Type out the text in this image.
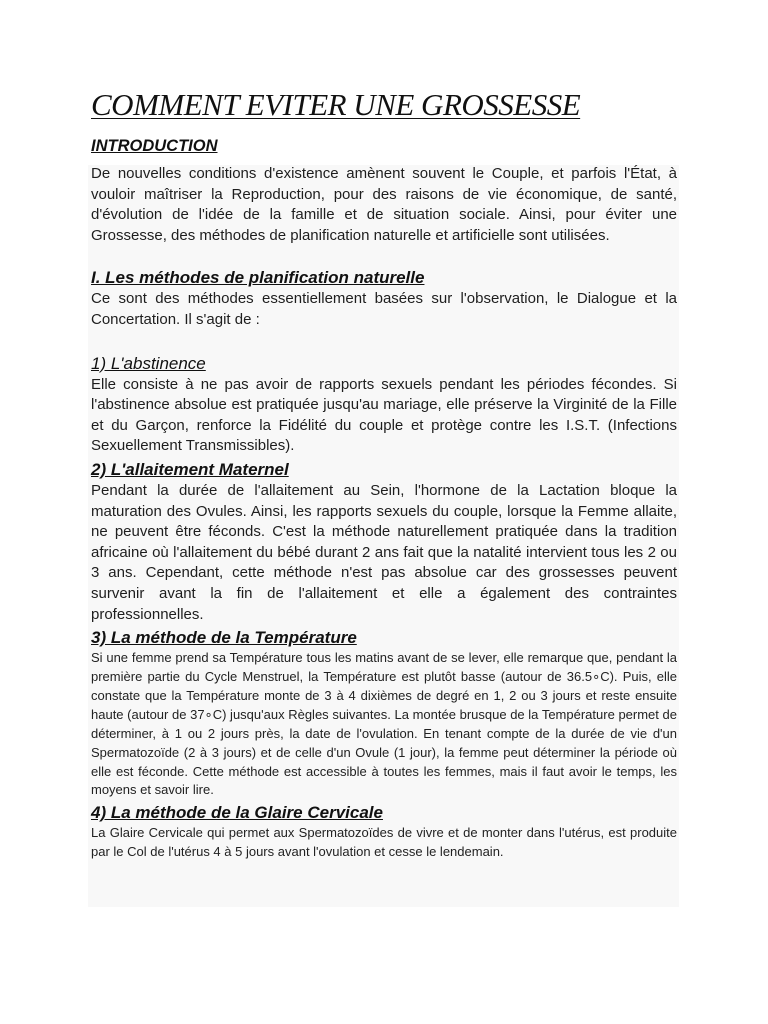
COMMENT EVITER UNE GROSSESSE
INTRODUCTION

De nouvelles conditions d'existence amènent souvent le Couple, et parfois l'État, à vouloir maîtriser la Reproduction, pour des raisons de vie économique, de santé, d'évolution de l'idée de la famille et de situation sociale. Ainsi, pour éviter une Grossesse, des méthodes de planification naturelle et artificielle sont utilisées.

I. Les méthodes de planification naturelle

Ce sont des méthodes essentiellement basées sur l'observation, le Dialogue et la Concertation. Il s'agit de :

1) L'abstinence

Elle consiste à ne pas avoir de rapports sexuels pendant les périodes fécondes. Si l'abstinence absolue est pratiquée jusqu'au mariage, elle préserve la Virginité de la Fille et du Garçon, renforce la Fidélité du couple et protège contre les I.S.T. (Infections Sexuellement Transmissibles).

2) L'allaitement Maternel

Pendant la durée de l'allaitement au Sein, l'hormone de la Lactation bloque la maturation des Ovules. Ainsi, les rapports sexuels du couple, lorsque la Femme allaite, ne peuvent être féconds. C'est la méthode naturellement pratiquée dans la tradition africaine où l'allaitement du bébé durant 2 ans fait que la natalité intervient tous les 2 ou 3 ans. Cependant, cette méthode n'est pas absolue car des grossesses peuvent survenir avant la fin de l'allaitement et elle a également des contraintes professionnelles.

3) La méthode de la Température

Si une femme prend sa Température tous les matins avant de se lever, elle remarque que, pendant la première partie du Cycle Menstruel, la Température est plutôt basse (autour de 36.5∘C). Puis, elle constate que la Température monte de 3 à 4 dixièmes de degré en 1, 2 ou 3 jours et reste ensuite haute (autour de 37∘C) jusqu'aux Règles suivantes. La montée brusque de la Température permet de déterminer, à 1 ou 2 jours près, la date de l'ovulation. En tenant compte de la durée de vie d'un Spermatozoïde (2 à 3 jours) et de celle d'un Ovule (1 jour), la femme peut déterminer la période où elle est féconde. Cette méthode est accessible à toutes les femmes, mais il faut avoir le temps, les moyens et savoir lire.

4) La méthode de la Glaire Cervicale

La Glaire Cervicale qui permet aux Spermatozoïdes de vivre et de monter dans l'utérus, est produite par le Col de l'utérus 4 à 5 jours avant l'ovulation et cesse le lendemain.
